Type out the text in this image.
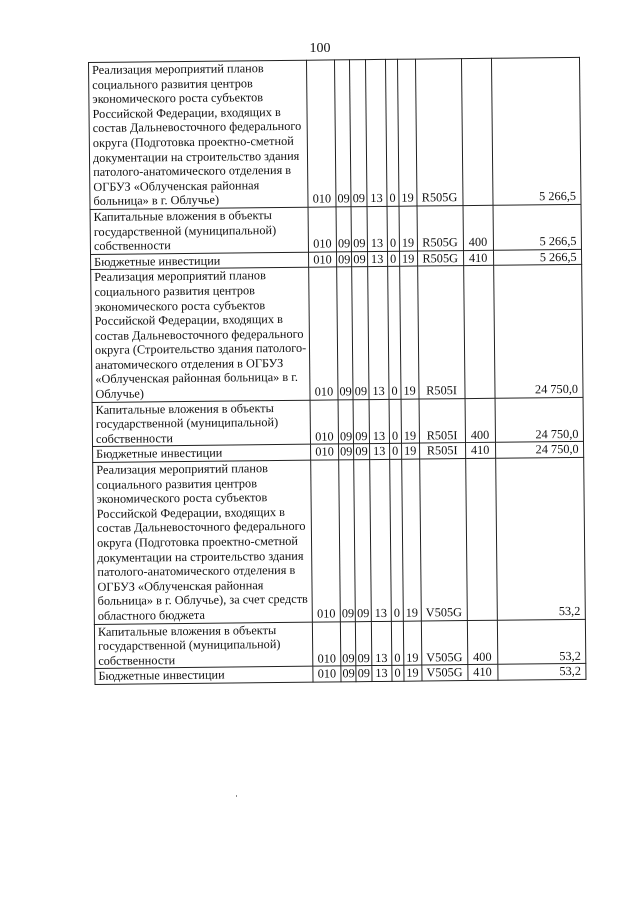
100
Реализация мероприятий планов социального развития центров экономического роста субъектов Российской Федерации, входящих в состав Дальневосточного федерального округа (Подготовка проектно-сметной документации на строительство здания патолого-анатомического отделения в ОГБУЗ «Облученская районная больница» в г. Облучье)	010	09	09	13	0	19	R505G		5 266,5
Капитальные вложения в объекты государственной (муниципальной) собственности	010	09	09	13	0	19	R505G	400	5 266,5
Бюджетные инвестиции	010	09	09	13	0	19	R505G	410	5 266,5
Реализация мероприятий планов социального развития центров экономического роста субъектов Российской Федерации, входящих в состав Дальневосточного федерального округа (Строительство здания патолого-анатомического отделения в ОГБУЗ «Облученская районная больница» в г. Облучье)	010	09	09	13	0	19	R505I		24 750,0
Капитальные вложения в объекты государственной (муниципальной) собственности	010	09	09	13	0	19	R505I	400	24 750,0
Бюджетные инвестиции	010	09	09	13	0	19	R505I	410	24 750,0
Реализация мероприятий планов социального развития центров экономического роста субъектов Российской Федерации, входящих в состав Дальневосточного федерального округа (Подготовка проектно-сметной документации на строительство здания патолого-анатомического отделения в ОГБУЗ «Облученская районная больница» в г. Облучье), за счет средств областного бюджета	010	09	09	13	0	19	V505G		53,2
Капитальные вложения в объекты государственной (муниципальной) собственности	010	09	09	13	0	19	V505G	400	53,2
Бюджетные инвестиции	010	09	09	13	0	19	V505G	410	53,2
